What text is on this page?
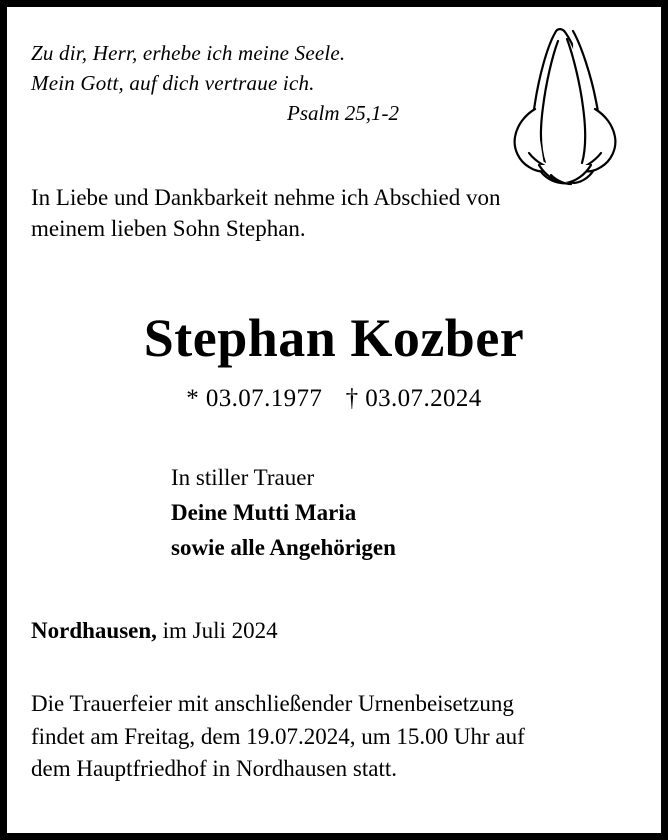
Zu dir, Herr, erhebe ich meine Seele.
Mein Gott, auf dich vertraue ich.
Psalm 25,1-2
In Liebe und Dankbarkeit nehme ich Abschied von
meinem lieben Sohn Stephan.
Stephan Kozber
* 03.07.1977 † 03.07.2024
In stiller Trauer
Deine Mutti Maria
sowie alle Angehörigen
Nordhausen, im Juli 2024
Die Trauerfeier mit anschließender Urnenbeisetzung
findet am Freitag, dem 19.07.2024, um 15.00 Uhr auf
dem Hauptfriedhof in Nordhausen statt.
